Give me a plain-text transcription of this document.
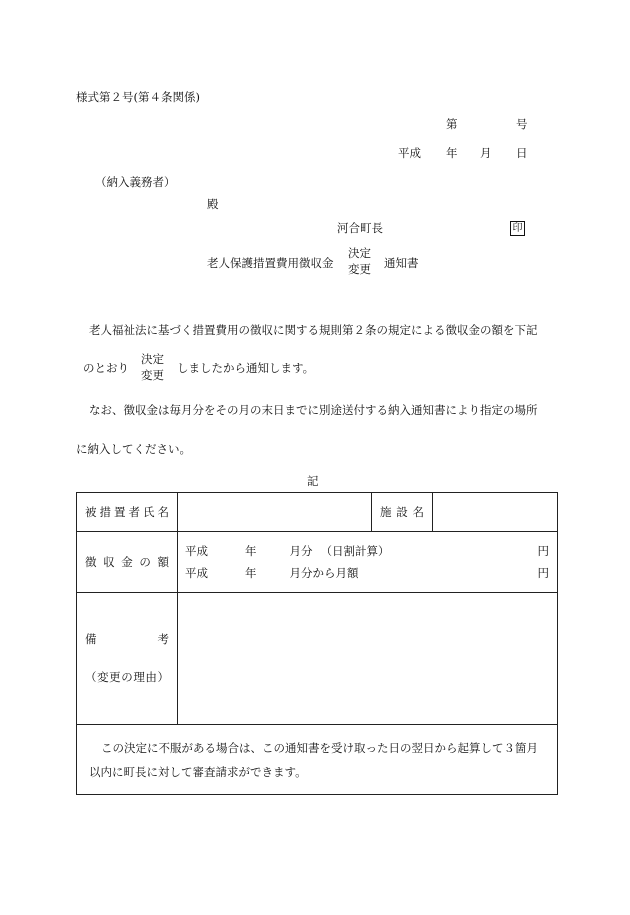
様式第２号(第４条関係)
第	号
平成 年 月 日
（納入義務者）
殿
河合町長	印
老人保護措置費用徴収金
決定
変更 通知書
老人福祉法に基づく措置費用の徴収に関する規則第２条の規定による徴収金の額を下記
のとおり
決定
変更 しましたから通知します。
なお、徴収金は毎月分をその月の末日までに別途送付する納入通知書により指定の場所
に納入してください。
記
被措置者氏名		施設名	
徴収金の額	平成 年 月分 （日割計算） 円
平成 年 月分から月額 円		

備考
（変更の理由）			

この決定に不服がある場合は、この通知書を受け取った日の翌日から起算して３箇月以内に町長に対して審査請求ができます。			
